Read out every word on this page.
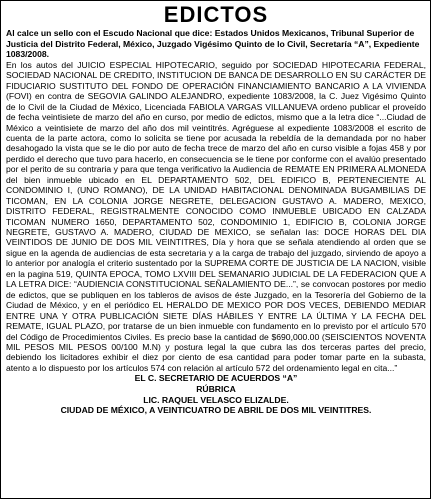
EDICTOS

Al calce un sello con el Escudo Nacional que dice: Estados Unidos Mexicanos, Tribunal Superior de Justicia del Distrito Federal, México, Juzgado Vigésimo Quinto de lo Civil, Secretaría “A”, Expediente 1083/2008.

En los autos del JUICIO ESPECIAL HIPOTECARIO, seguido por SOCIEDAD HIPOTECARIA FEDERAL, SOCIEDAD NACIONAL DE CREDITO, INSTITUCION DE BANCA DE DESARROLLO EN SU CARÁCTER DE FIDUCIARIO SUSTITUTO DEL FONDO DE OPERACIÓN FINANCIAMIENTO BANCARIO A LA VIVIENDA (FOVI) en contra de SEGOVIA GALINDO ALEJANDRO, expediente 1083/2008, la C. Juez Vigésimo Quinto de lo Civil de la Ciudad de México, Licenciada FABIOLA VARGAS VILLANUEVA ordeno publicar el proveído de fecha veintisiete de marzo del año en curso, por medio de edictos, mismo que a la letra dice “...Ciudad de México a veintisiete de marzo del año dos mil veintitrés. Agréguese al expediente 1083/2008 el escrito de cuenta de la parte actora, como lo solicita se tiene por acusada la rebeldía de la demandada por no haber desahogado la vista que se le dio por auto de fecha trece de marzo del año en curso visible a fojas 458 y por perdido el derecho que tuvo para hacerlo, en consecuencia se le tiene por conforme con el avalúo presentado por el perito de su contraria y para que tenga verificativo la Audiencia de REMATE EN PRIMERA ALMONEDA del bien inmueble ubicado en EL DEPARTAMENTO 502, DEL EDIFICO B, PERTENECIENTE AL CONDOMINIO I, (UNO ROMANO), DE LA UNIDAD HABITACIONAL DENOMINADA BUGAMBILIAS DE TICOMAN, EN LA COLONIA JORGE NEGRETE, DELEGACION GUSTAVO A. MADERO, MEXICO, DISTRITO FEDERAL, REGISTRALMENTE CONOCIDO COMO INMUEBLE UBICADO EN CALZADA TICOMAN NUMERO 1650, DEPARTAMENTO 502, CONDOMINIO 1, EDIFICIO B, COLONIA JORGE NEGRETE, GUSTAVO A. MADERO, CIUDAD DE MEXICO, se señalan las: DOCE HORAS DEL DIA VEINTIDOS DE JUNIO DE DOS MIL VEINTITRES, Día y hora que se señala atendiendo al orden que se sigue en la agenda de audiencias de esta secretaria y a la carga de trabajo del juzgado, sirviendo de apoyo a lo anterior por analogía el criterio sustentado por la SUPREMA CORTE DE JUSTICIA DE LA NACION, visible en la pagina 519, QUINTA EPOCA, TOMO LXVIII DEL SEMANARIO JUDICIAL DE LA FEDERACION QUE A LA LETRA DICE: “AUDIENCIA CONSTITUCIONAL SEÑALAMIENTO DE...”, se convocan postores por medio de edictos, que se publiquen en los tableros de avisos de éste Juzgado, en la Tesorería del Gobierno de la Ciudad de México, y en el periódico EL HERALDO DE MEXICO POR DOS VECES, DEBIENDO MEDIAR ENTRE UNA Y OTRA PUBLICACIÓN SIETE DÍAS HÁBILES Y ENTRE LA ÚLTIMA Y LA FECHA DEL REMATE, IGUAL PLAZO, por tratarse de un bien inmueble con fundamento en lo previsto por el artículo 570 del Código de Procedimientos Civiles. Es precio base la cantidad de $690,000.00 (SEISCIENTOS NOVENTA MIL PESOS MIL PESOS 00/100 M.N) y postura legal la que cubra las dos terceras partes del precio, debiendo los licitadores exhibir el diez por ciento de esa cantidad para poder tomar parte en la subasta, atento a lo dispuesto por los artículos 574 con relación al artículo 572 del ordenamiento legal en cita...”

EL C. SECRETARIO DE ACUERDOS “A”

RÚBRICA

LIC. RAQUEL VELASCO ELIZALDE.

CIUDAD DE MÉXICO, A VEINTICUATRO DE ABRIL DE DOS MIL VEINTITRES.
